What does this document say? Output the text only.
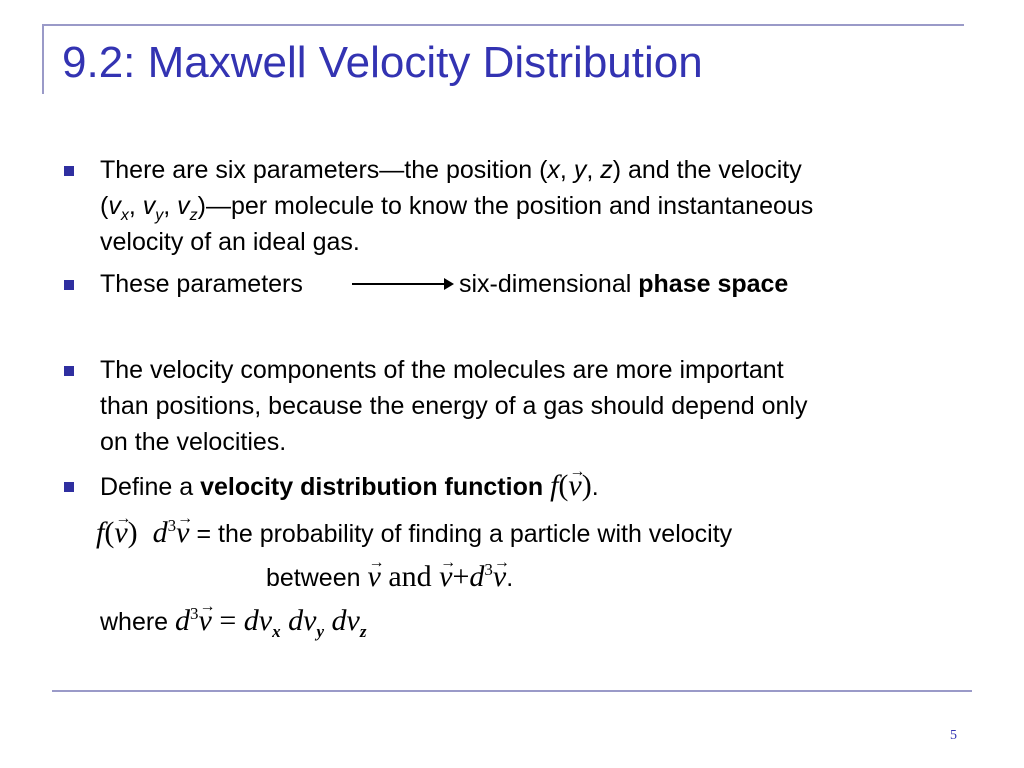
9.2: Maxwell Velocity Distribution
There are six parameters—the position (x, y, z) and the velocity
($v_x$, $v_y$, $v_z)—per$ molecule to know the position and instantaneous
velocity of an ideal gas.
These parameters	six-dimensional phase space
The velocity components of the molecules are more important
than positions, because the energy of a gas should depend only
on the velocities.
Define a velocity distribution function f(→ v).
f(→ v) $d^3\to v$ = the probability of finding a particle with velocity
between → v and → $v+d^3\to v$.
where $d^3\to v = dv_x$ $dv_y$ $dv_z$
5
